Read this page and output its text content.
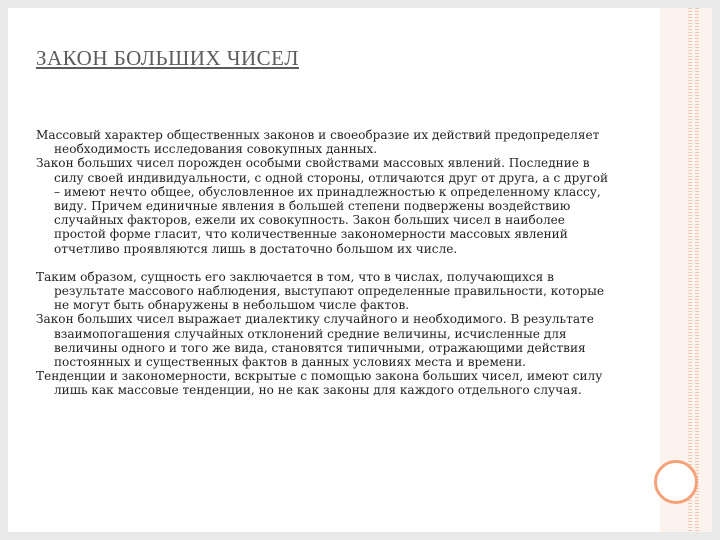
ЗАКОН БОЛЬШИХ ЧИСЕЛ

Массовый характер общественных законов и своеобразие их действий предопределяет необходимость исследования совокупных данных.

Закон больших чисел порожден особыми свойствами массовых явлений. Последние в силу своей индивидуальности, с одной стороны, отличаются друг от друга, а с другой – имеют нечто общее, обусловленное их принадлежностью к определенному классу, виду. Причем единичные явления в большей степени подвержены воздействию случайных факторов, ежели их совокупность. Закон больших чисел в наиболее простой форме гласит, что количественные закономерности массовых явлений отчетливо проявляются лишь в достаточно большом их числе.

Таким образом, сущность его заключается в том, что в числах, получающихся в результате массового наблюдения, выступают определенные правильности, которые не могут быть обнаружены в небольшом числе фактов.

Закон больших чисел выражает диалектику случайного и необходимого. В результате взаимопогашения случайных отклонений средние величины, исчисленные для величины одного и того же вида, становятся типичными, отражающими действия постоянных и существенных фактов в данных условиях места и времени.

Тенденции и закономерности, вскрытые с помощью закона больших чисел, имеют силу лишь как массовые тенденции, но не как законы для каждого отдельного случая.
